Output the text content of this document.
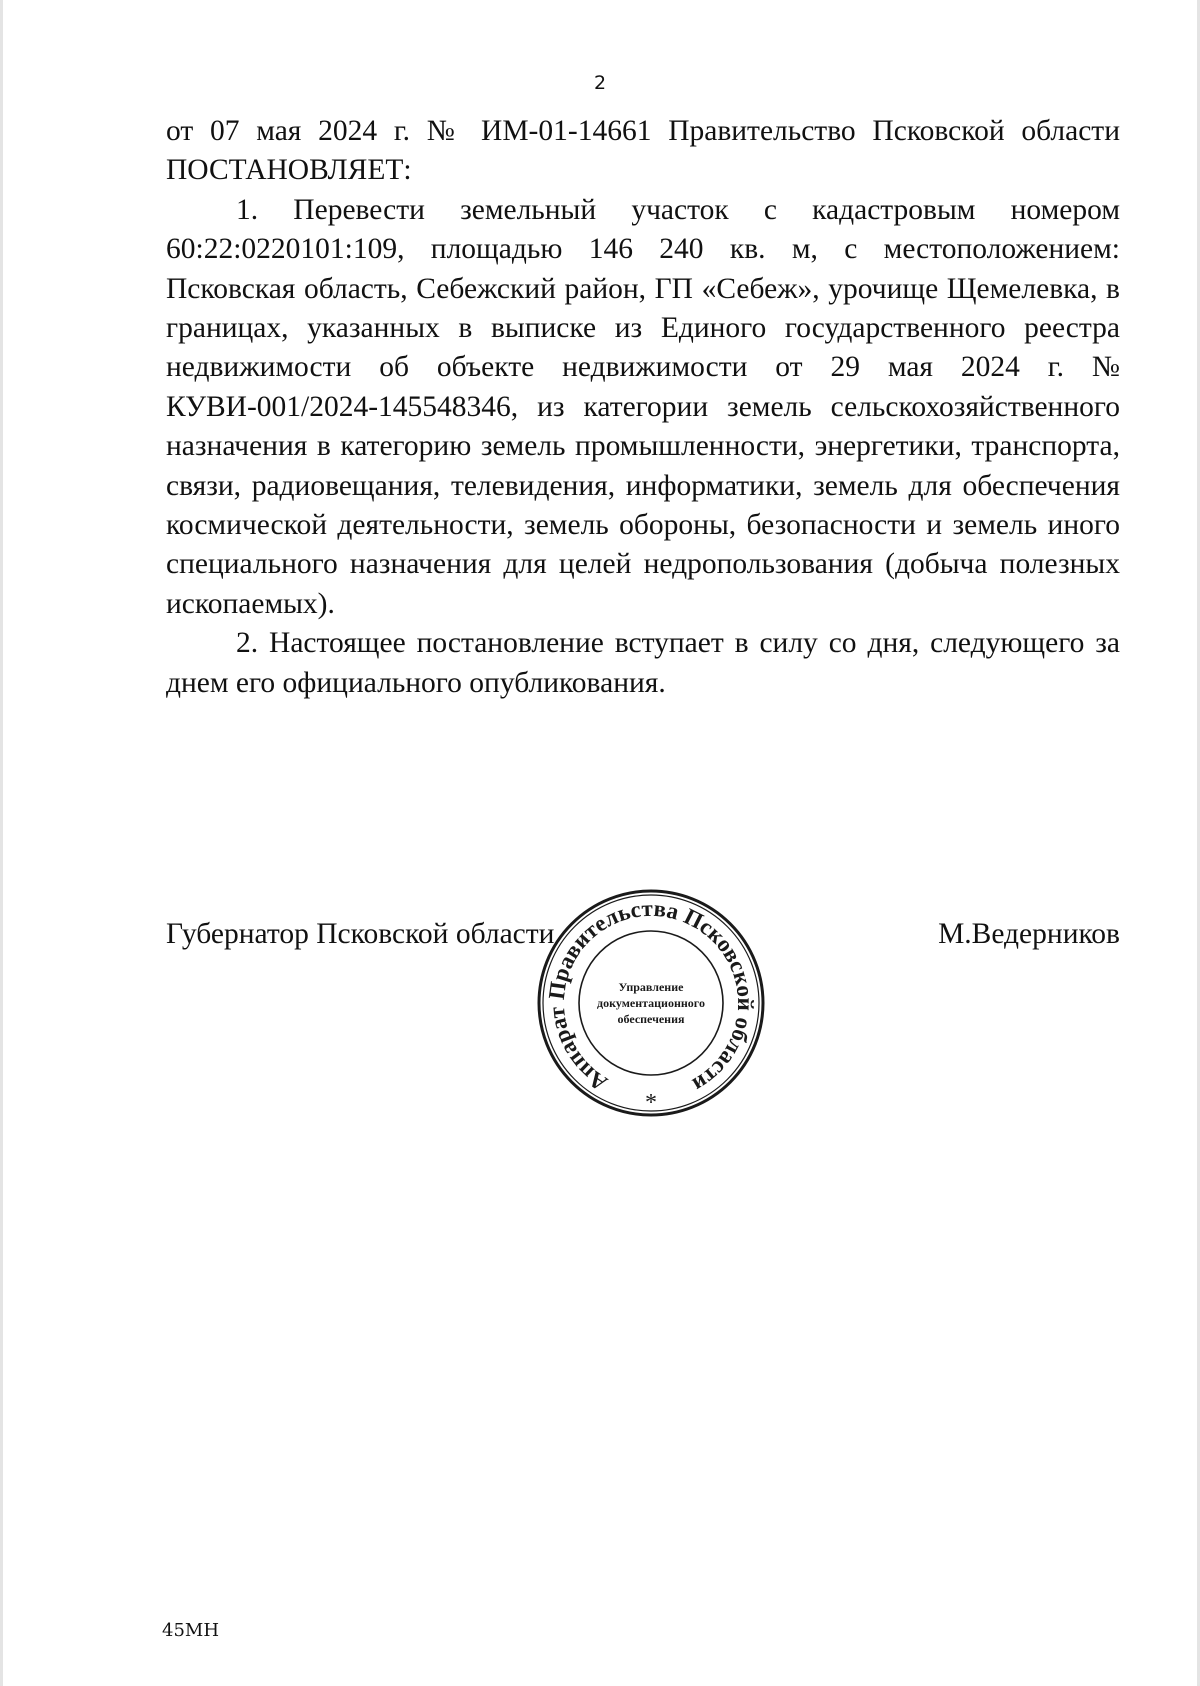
2

от 07 мая 2024 г. № ИМ-01-14661 Правительство Псковской области ПОСТАНОВЛЯЕТ:

1. Перевести земельный участок с кадастровым номером 60:22:0220101:109, площадью 146 240 кв. м, с местоположением: Псковская область, Себежский район, ГП «Себеж», урочище Щемелевка, в границах, указанных в выписке из Единого государственного реестра недвижимости об объекте недвижимости от 29 мая 2024 г. № КУВИ-001/2024-145548346, из категории земель сельскохозяйственного назначения в категорию земель промышленности, энергетики, транспорта, связи, радиовещания, телевидения, информатики, земель для обеспечения космической деятельности, земель обороны, безопасности и земель иного специального назначения для целей недропользования (добыча полезных ископаемых).

2. Настоящее постановление вступает в силу со дня, следующего за днем его официального опубликования.

Губернатор Псковской области	М.Ведерников
Аппарат Правительства Псковской области
Управление
документационного
обеспечения
*
45МН
